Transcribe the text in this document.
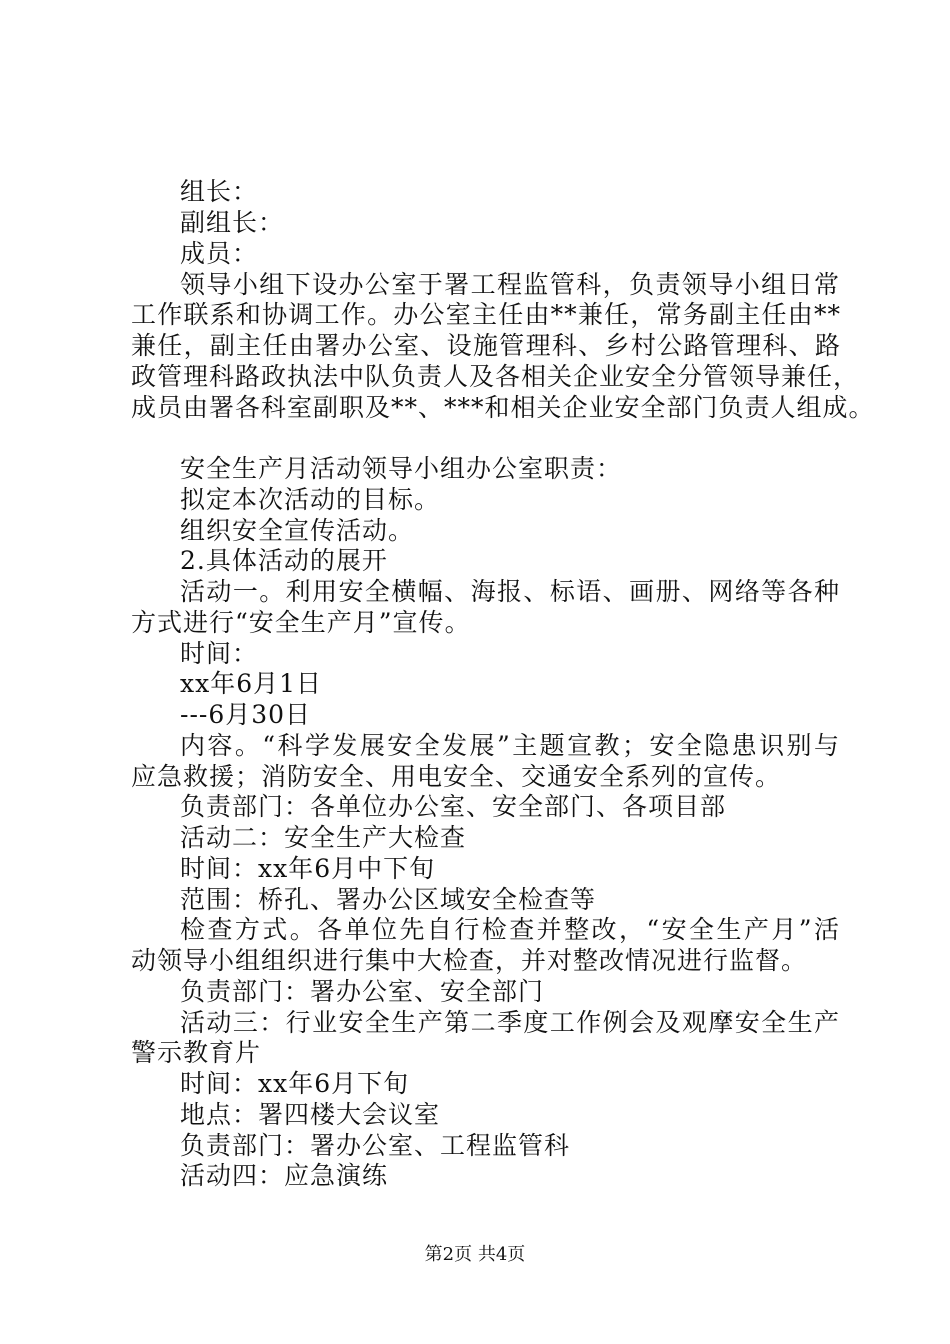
组长：
副组长：
成员：
领导小组下设办公室于署工程监管科，负责领导小组日常
工作联系和协调工作。办公室主任由**兼任，常务副主任由**
兼任，副主任由署办公室、设施管理科、乡村公路管理科、路
政管理科路政执法中队负责人及各相关企业安全分管领导兼任，
成员由署各科室副职及**、***和相关企业安全部门负责人组成。
安全生产月活动领导小组办公室职责：
拟定本次活动的目标。
组织安全宣传活动。
2.具体活动的展开
活动一。利用安全横幅、海报、标语、画册、网络等各种
方式进行“安全生产月”宣传。
时间：
xx年6月1日
---6月30日
内容。“科学发展安全发展”主题宣教；安全隐患识别与
应急救援；消防安全、用电安全、交通安全系列的宣传。
负责部门：各单位办公室、安全部门、各项目部
活动二：安全生产大检查
时间：xx年6月中下旬
范围：桥孔、署办公区域安全检查等
检查方式。各单位先自行检查并整改，“安全生产月”活
动领导小组组织进行集中大检查，并对整改情况进行监督。
负责部门：署办公室、安全部门
活动三：行业安全生产第二季度工作例会及观摩安全生产
警示教育片
时间：xx年6月下旬
地点：署四楼大会议室
负责部门：署办公室、工程监管科
活动四：应急演练
第2页 共4页
